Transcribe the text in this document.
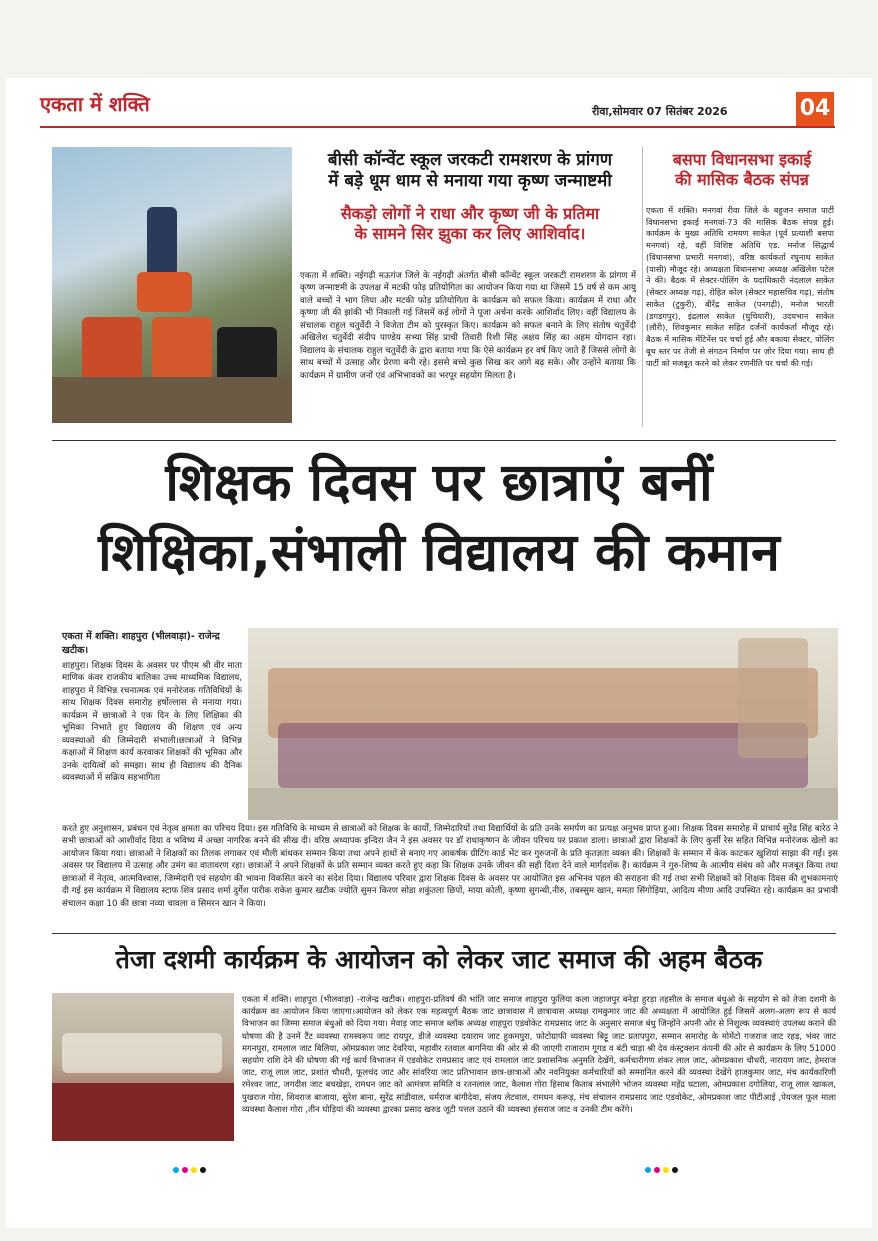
एकता में शक्ति	रीवा,सोमवार 07 सितंबर 2026	04
बीसी कॉन्वेंट स्कूल जरकटी रामशरण के प्रांगण
में बड़े धूम धाम से मनाया गया कृष्ण जन्माष्टमी
सैकड़ो लोगों ने राधा और कृष्ण जी के प्रतिमा
के सामने सिर झुका कर लिए आशिर्वाद।
एकता में शक्ति। नईगढ़ी मऊगंज जिले के नईगढ़ी अंतर्गत बीसी कॉन्वेंट स्कूल जरकटी रामशरण के प्रांगण में कृष्ण जन्माष्टमी के उपलक्ष में मटकी फोड़ प्रतियोगिता का आयोजन किया गया था जिसमें 15 वर्ष से कम आयु वाले बच्चों ने भाग लिया और मटकी फोड़ प्रतियोगिता के कार्यक्रम को सफल किया। कार्यक्रम में राधा और कृष्णा जी की झांकी भी निकाली गई जिसमें कई लोगों ने पूजा अर्चना करके आशिर्वाद लिए। वहीं विद्यालय के संचालक राहुल चतुर्वेदी ने विजेता टीम को पुरस्कृत किए। कार्यक्रम को सफल बनाने के लिए संतोष चतुर्वेदी अखिलेश चतुर्वेदी संदीप पाण्डेय सभ्या सिंह प्राची तिवारी रिशी सिंह अक्षय सिंह का अहम योगदान रहा। विद्यालय के संचालक राहुल चतुर्वेदी के द्वारा बताया गया कि ऐसे कार्यक्रम हर वर्ष किए जाते हैं जिससे लोगों के साथ बच्चों में उत्साह और प्रेरणा बनी रहे। इससे बच्चे कुछ सिख कर आगे बढ़ सके। और उन्होंने बताया कि कार्यक्रम में ग्रामीण जनों एवं अभिभावकों का भरपूर सहयोग मिलता है।
बसपा विधानसभा इकाई
की मासिक बैठक संपन्न
एकता में शक्ति। मनगवां रीवा जिले के बहुजन समाज पार्टी विधानसभा इकाई मनगवां-73 की मासिक बैठक संपन्न हुई।कार्यक्रम के मुख्य अतिथि रामयण साकेत (पूर्व प्रत्याशी बसपा मनगवां) रहे, वहीं विशिष्ट अतिथि एड. मनोज सिद्धार्थ (विधानसभा प्रभारी मनगवां), वरिष्ठ कार्यकर्ता रघुनाथ साकेत (पासी) मौजूद रहे। अध्यक्षता विधानसभा अध्यक्ष अखिलेश पटेल ने की। बैठक में सेक्टर-पोलिंग के पदाधिकारी नंदलाल साकेत (सेक्टर अध्यक्ष गढ़), रोहित कोल (सेक्टर महासचिव गढ़), संतोष साकेत (टुकुरी), बीरेंद्र साकेत (पनगढ़ी), मनोज भारती (डगडगपुर), इंद्रलाल साकेत (घुचियारी), उदयभान साकेत (लौरी), शिवकुमार साकेत सहित दर्जनों कार्यकर्ता मौजूद रहे। बैठक में मासिक मेंटिनेंस पर चर्चा हुई और बकाया सेक्टर, पोलिंग बूथ स्तर पर तेजी से संगठन निर्माण पर ज़ोर दिया गया। साथ ही पार्टी को मजबूत करने को लेकर रणनीति पर चर्चा की गई।
शिक्षक दिवस पर छात्राएं बनीं
शिक्षिका,संभाली विद्यालय की कमान
एकता में शक्ति। शाहपुरा (भीलवाड़ा)- राजेन्द्र खटीक।
शाहपुरा। शिक्षक दिवस के अवसर पर पीएम श्री वीर माता माणिक कंवर राजकीय बालिका उच्च माध्यमिक विद्यालय, शाहपुरा में विभिन्न रचनात्मक एवं मनोरंजक गतिविधियों के साथ शिक्षक दिवस समारोह हर्षोल्लास से मनाया गया। कार्यक्रम में छात्राओं ने एक दिन के लिए शिक्षिका की भूमिका निभाते हुए विद्यालय की शिक्षण एवं अन्य व्यवस्थाओं की जिम्मेदारी संभाली।छात्राओं ने विभिन्न कक्षाओं में शिक्षण कार्य करवाकर शिक्षकों की भूमिका और उनके दायित्वों को समझा। साथ ही विद्यालय की दैनिक व्यवस्थाओं में सक्रिय सहभागिता
करते हुए अनुशासन, प्रबंधन एवं नेतृत्व क्षमता का परिचय दिया। इस गतिविधि के माध्यम से छात्राओं को शिक्षक के कार्यों, जिम्मेदारियों तथा विद्यार्थियों के प्रति उनके समर्पण का प्रत्यक्ष अनुभव प्राप्त हुआ। शिक्षक दिवस समारोह में प्राचार्य सुरेंद्र सिंह बारेठ ने सभी छात्राओं को आशीर्वाद दिया व भविष्य में अच्छा नागरिक बनने की सीख दी। वरिष्ठ अध्यापक इन्दिरा जैन ने इस अवसर पर डॉ राधाकृष्णन के जीवन परिचय पर प्रकाश डाला। छात्राओं द्वारा शिक्षकों के लिए कुर्सी रेस सहित विभिन्न मनोरंजक खेलों का आयोजन किया गया। छात्राओं ने शिक्षकों का तिलक लगाकर एवं मौली बांधकर सम्मान किया तथा अपने हाथों से बनाए गए आकर्षक ग्रीटिंग कार्ड भेंट कर गुरुजनों के प्रति कृतज्ञता व्यक्त की। शिक्षकों के सम्मान में केक काटकर खुशियां साझा की गईं। इस अवसर पर विद्यालय में उत्साह और उमंग का वातावरण रहा। छात्राओं ने अपने शिक्षकों के प्रति सम्मान व्यक्त करते हुए कहा कि शिक्षक उनके जीवन की सही दिशा देने वाले मार्गदर्शक हैं। कार्यक्रम ने गुरु-शिष्य के आत्मीय संबंध को और मजबूत किया तथा छात्राओं में नेतृत्व, आत्मविश्वास, जिम्मेदारी एवं सहयोग की भावना विकसित करने का संदेश दिया। विद्यालय परिवार द्वारा शिक्षक दिवस के अवसर पर आयोजित इस अभिनव पहल की सराहना की गई तथा सभी शिक्षकों को शिक्षक दिवस की शुभकामनाएं दी गई इस कार्यक्रम में विद्यालय स्टाफ शिव प्रसाद शर्मा दुर्गेश पारीक राकेश कुमार खटीक ज्योति सुमन किरण सोडा शकुंतला छिपों, माया कोली, कृष्णा सुगन्धी,नीरु, तबस्सुम खान, ममता सिंगोड़िया, आदित्य मीणा आदि उपस्थित रहे। कार्यक्रम का प्रभावी संचालन कक्षा 10 की छात्रा नव्या चावला व सिमरन खान ने किया।
तेजा दशमी कार्यक्रम के आयोजन को लेकर जाट समाज की अहम बैठक
एकता में शक्ति। शाहपुरा (भीलवाड़ा) -राजेन्द्र खटीक। शाहपुरा-प्रतिवर्ष की भांति जाट समाज शाहपुरा फुलिया कला जहाजपुर बनेड़ा हुरड़ा तहसील के समाज बंधुओ के सहयोग से को तेजा दशमी के कार्यक्रम का आयोजन किया जाएगा।आयोजन को लेकर एक महत्वपूर्ण बैठक जाट छात्रावास में छात्रावास अध्यक्ष रामकुमार जाट की अध्यक्षता में आयोजित हुई जिसमें अलग-अलग रूप से कार्य विभाजन का जिम्मा समाज बंधुओ को दिया गया। मेवाड़ जाट समाज ब्लॉक अध्यक्ष शाहपुरा एडवोकेट रामप्रसाद जाट के अनुसार समाज बंधु जिन्होंने अपनी ओर से निशुल्क व्यवस्थाएं उपलब्ध कराने की घोषणा की है उनमें टैंट व्यवस्था रामस्वरूप जाट रायपुर, डीजे व्यवस्था दयाराम जाट हुकमपुरा, फोटोग्राफी व्यवस्था बिट्टू जाट प्रतापपुरा, सम्मान समारोह के मोमेंटो गजराज जाट रहड़, भंवर जाट मगनपुरा, रामलाल जाट बिलिया, ओमप्रकाश जाट देवरिया, महावीर रतवाल बागनिया की ओर से की जाएगी राजाराम गूगड व बंटी चाड़ा श्री देव कंस्ट्रक्शन कंपनी की ओर से कार्यक्रम के लिए 51000 सहयोग राशि देने की घोषणा की गई कार्य विभाजन में एडवोकेट रामप्रसाद जाट एवं रामलाल जाट प्रशासनिक अनुमति देखेंगे, कर्मचारीगण शंकर लाल जाट, ओमप्रकाश चौधरी, नारायण जाट, हेमराज जाट, राजू लाल जाट, प्रशांत चौधरी, फूलचंद जाट और सांवरिया जाट प्रतिभावान छात्र-छात्राओं और नवनियुक्त कर्मचारियों को सम्मानित करने की व्यवस्था देखेंगे हाजकुमार जाट, मंच कार्यकारिणी रमेश्वर जाट, जगदीश जाट बचखेड़ा, रामधन जाट को आमंत्रण समिति व रतनलाल जाट, कैलाश गोरा हिसाब किताब संभालेंगे भोजन व्यवस्था महेंद्र घटाला, ओमप्रकाश दगोलिया, राजू लाल खाकल, पुखराज गोरा, शिवराज बाजाया, सुरेश बाना, सुरेंद्र सांडीवाल, धर्मराज बांगीदेवा, संजय लेटवाल, रामधन करूड़, मंच संचालन रामप्रसाद जाट एडवोकेट, ओमप्रकाश जाट पीटीआई ,पेयजल फूल माला व्यवस्था कैलाश गोरा ,तीन घोड़ियां की व्यवस्था द्वारका प्रसाद खरुड जूटी पत्तल उठाने की व्यवस्था हंसराज जाट व उनकी टीम करेंगे।
